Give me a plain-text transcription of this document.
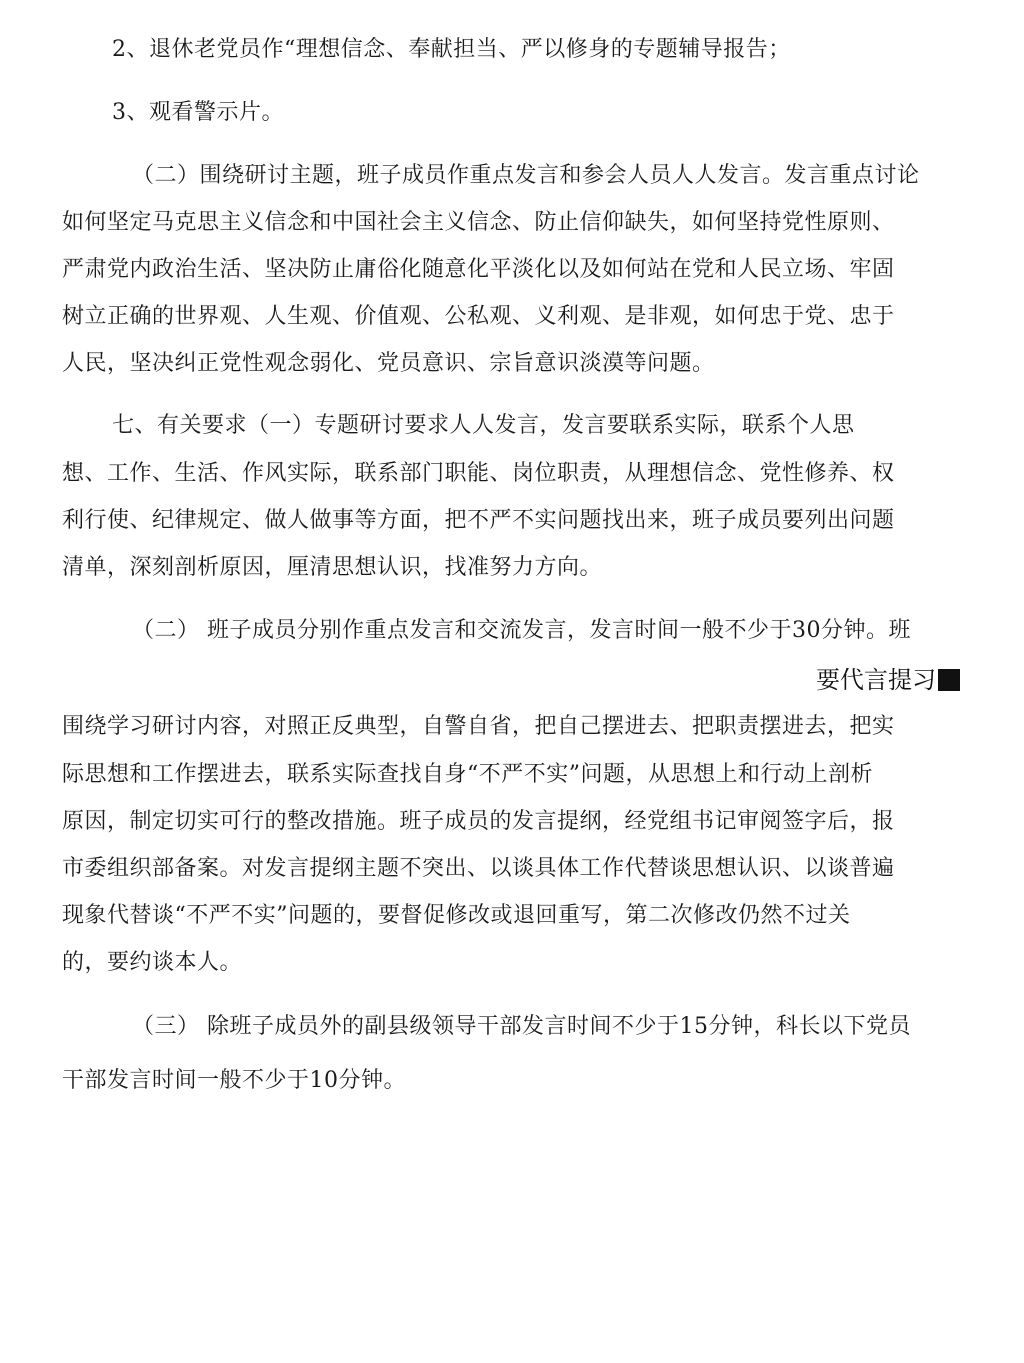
2、退休老党员作“理想信念、奉献担当、严以修身的专题辅导报告；
3、观看警示片。
（二）围绕研讨主题，班子成员作重点发言和参会人员人人发言。发言重点讨论
如何坚定马克思主义信念和中国社会主义信念、防止信仰缺失，如何坚持党性原则、
严肃党内政治生活、坚决防止庸俗化随意化平淡化以及如何站在党和人民立场、牢固
树立正确的世界观、人生观、价值观、公私观、义利观、是非观，如何忠于党、忠于
人民，坚决纠正党性观念弱化、党员意识、宗旨意识淡漠等问题。
七、有关要求（一）专题研讨要求人人发言，发言要联系实际，联系个人思
想、工作、生活、作风实际，联系部门职能、岗位职责，从理想信念、党性修养、权
利行使、纪律规定、做人做事等方面，把不严不实问题找出来，班子成员要列出问题
清单，深刻剖析原因，厘清思想认识，找准努力方向。
（二） 班子成员分别作重点发言和交流发言，发言时间一般不少于30分钟。班
要代言提习
围绕学习研讨内容，对照正反典型，自警自省，把自己摆进去、把职责摆进去，把实
际思想和工作摆进去，联系实际查找自身“不严不实”问题，从思想上和行动上剖析
原因，制定切实可行的整改措施。班子成员的发言提纲，经党组书记审阅签字后，报
市委组织部备案。对发言提纲主题不突出、以谈具体工作代替谈思想认识、以谈普遍
现象代替谈“不严不实”问题的，要督促修改或退回重写，第二次修改仍然不过关
的，要约谈本人。
（三） 除班子成员外的副县级领导干部发言时间不少于15分钟，科长以下党员
干部发言时间一般不少于10分钟。
